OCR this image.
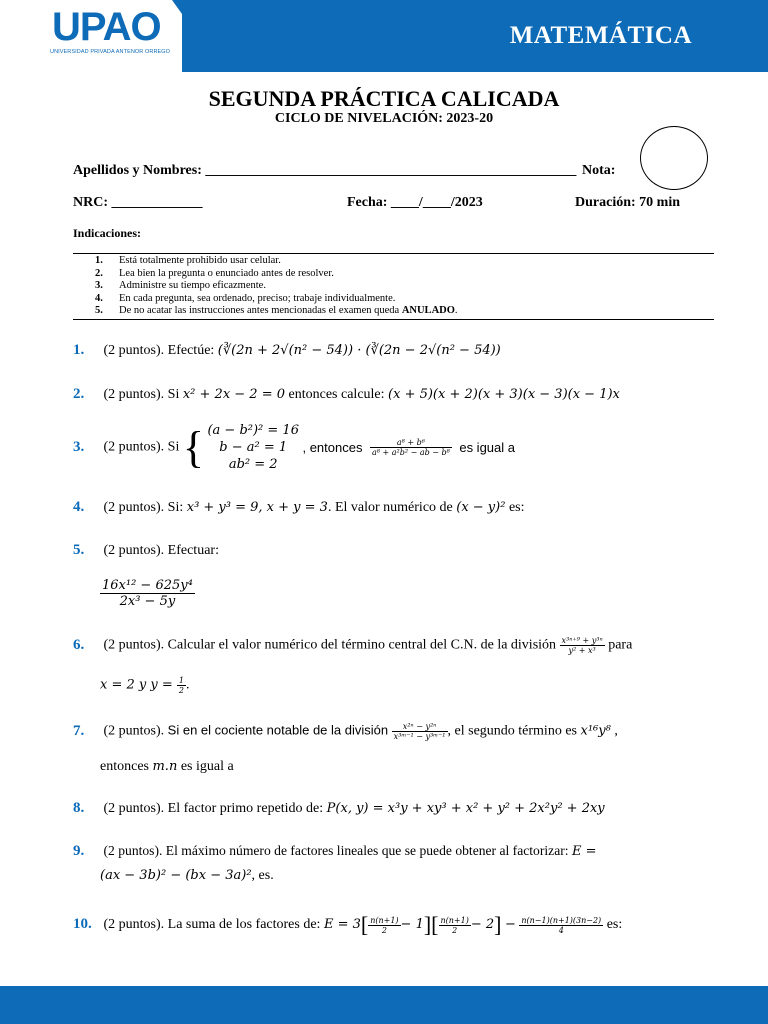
UPAO
UNIVERSIDAD PRIVADA ANTENOR ORREGO
MATEMÁTICA
SEGUNDA PRÁCTICA CALICADA
CICLO DE NIVELACIÓN: 2023-20
Apellidos y Nombres: _____________________________________________________ Nota:
NRC: _____________	Fecha: ____/____/2023	Duración: 70 min
Indicaciones:
1. Está totalmente prohibido usar celular.
2. Lea bien la pregunta o enunciado antes de resolver.
3. Administre su tiempo eficazmente.
4. En cada pregunta, sea ordenado, preciso; trabaje individualmente.
5. De no acatar las instrucciones antes mencionadas el examen queda ANULADO.
1. (2 puntos). Efectúe: (∛(2n + 2√(n² − 54)) · (∛(2n − 2√(n² − 54))
2. (2 puntos). Si x² + 2x − 2 = 0 entonces calcule: (x + 5)(x + 2)(x + 3)(x − 3)(x − 1)x
3. (2 puntos). Si { (a − b²)² = 16
b − a² = 1
ab² = 2
, entonces $\frac{\text{a⁸ + b⁶}}{\text{a⁸ + a²b² − ab − b⁸}}$ es igual a
4. (2 puntos). Si: x³ + y³ = 9, x + y = 3. El valor numérico de (x − y)² es:
5. (2 puntos). Efectuar:
$\frac{\text{16x¹² − 625y⁴}}{\text{2x³ − 5y}}$
6. (2 puntos). Calcular el valor numérico del término central del C.N. de la división $\frac{\text{x³ⁿ⁺⁹ + y³ⁿ}}{\text{y² + x³}}$ para
x = 2 y $y = \frac{1}{2}$ .
7. (2 puntos). Si en el cociente notable de la división $\frac{\text{x²ⁿ − y²ⁿ}}{\text{x³ᵐ⁻¹ − y³ᵐ⁻¹}}$ , el segundo término es x¹⁶y⁸ ,
entonces m.n es igual a
8. (2 puntos). El factor primo repetido de: P(x, y) = x³y + xy³ + x² + y² + 2x²y² + 2xy
9. (2 puntos). El máximo número de factores lineales que se puede obtener al factorizar: E =
(ax − 3b)² − (bx − 3a)², es.
10. (2 puntos). La suma de los factores de: $E = 3[ \frac{n(n+1)}{2} - 1][ \frac{n(n+1)}{2} - 2] - \frac{n(n-1)(n+1)(3n-2)}{4}$ es:
